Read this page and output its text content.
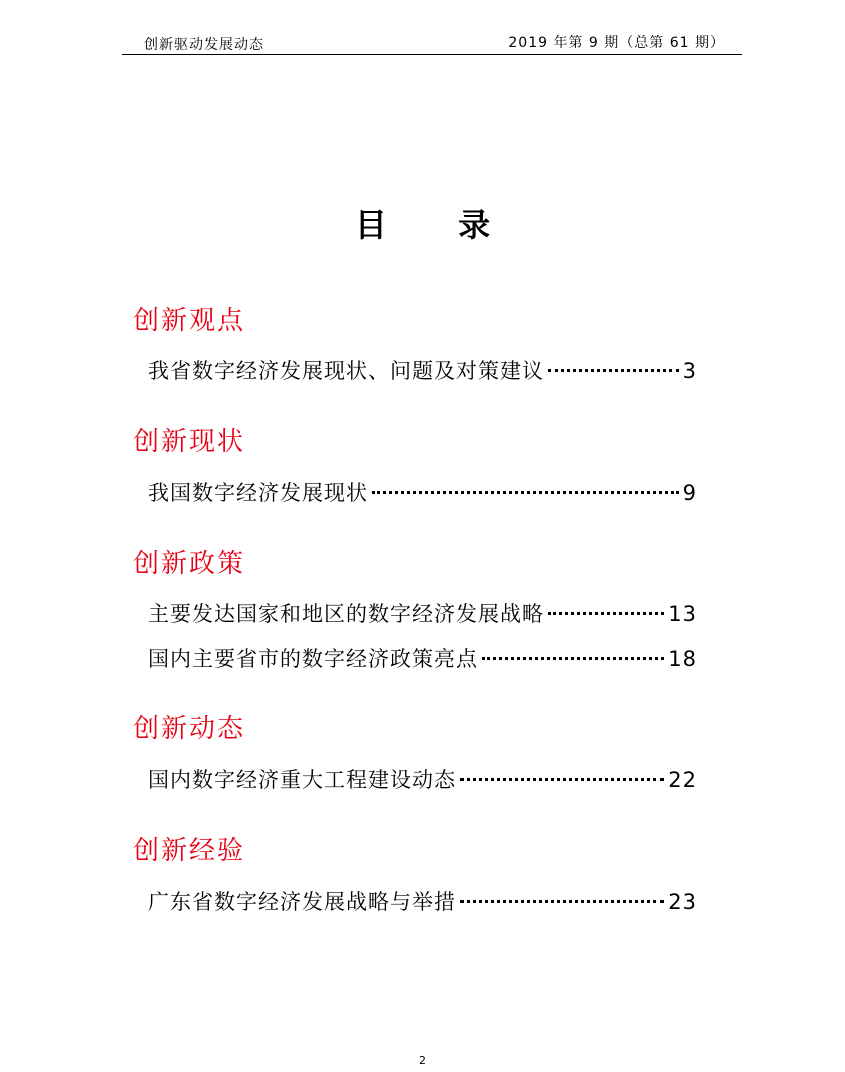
创新驱动发展动态	2019 年第 9 期（总第 61 期）
目 录
创新观点
我省数字经济发展现状、问题及对策建议	3
创新现状
我国数字经济发展现状	9
创新政策
主要发达国家和地区的数字经济发展战略	13
国内主要省市的数字经济政策亮点	18
创新动态
国内数字经济重大工程建设动态	22
创新经验
广东省数字经济发展战略与举措	23
2
